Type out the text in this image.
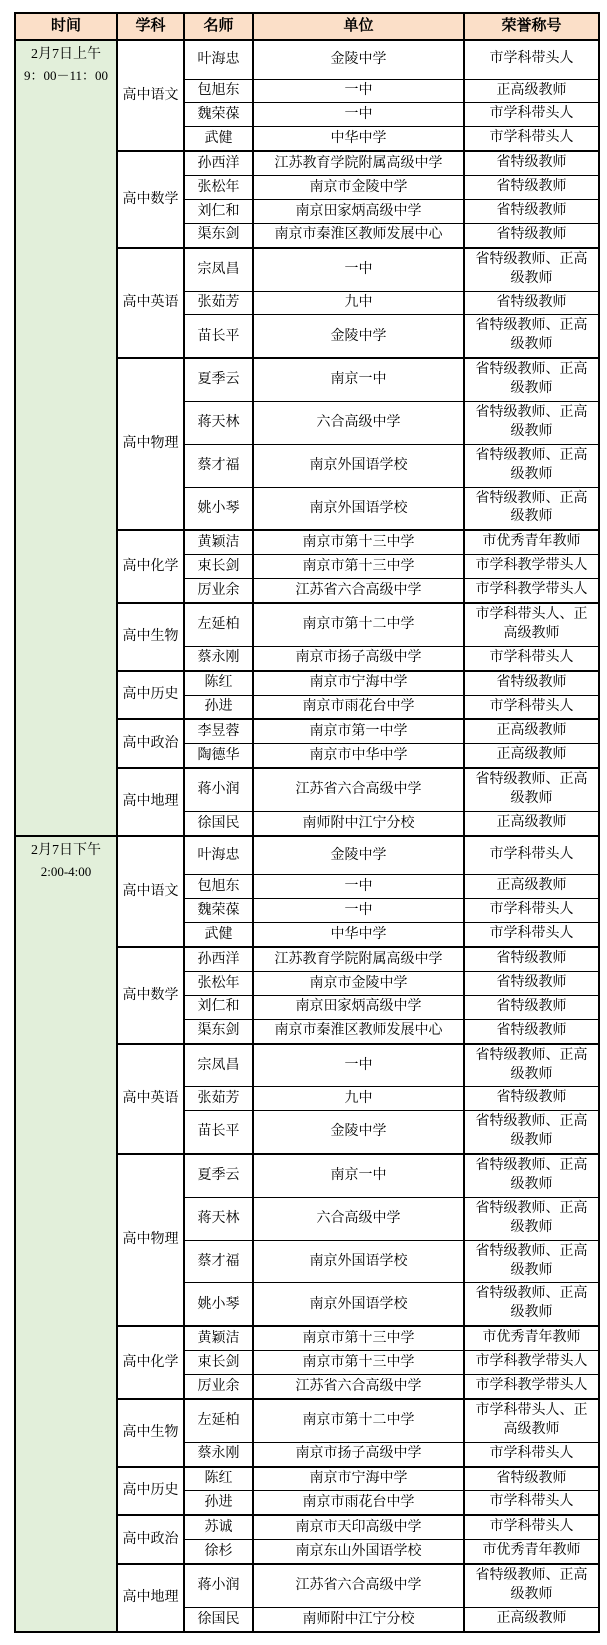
时间	学科	名师	单位	荣誉称号

2月7日上午
9：00－11：00	高中语文	叶海忠	金陵中学	市学科带头人
		包旭东	一中	正高级教师
		魏荣葆	一中	市学科带头人
		武健	中华中学	市学科带头人
	高中数学	孙西洋	江苏教育学院附属高级中学	省特级教师
		张松年	南京市金陵中学	省特级教师
		刘仁和	南京田家炳高级中学	省特级教师
		渠东剑	南京市秦淮区教师发展中心	省特级教师
	高中英语	宗凤昌	一中	省特级教师、正高级教师
		张茹芳	九中	省特级教师
		苗长平	金陵中学	省特级教师、正高级教师
	高中物理	夏季云	南京一中	省特级教师、正高级教师
		蒋天林	六合高级中学	省特级教师、正高级教师
		蔡才福	南京外国语学校	省特级教师、正高级教师
		姚小琴	南京外国语学校	省特级教师、正高级教师
	高中化学	黄颖洁	南京市第十三中学	市优秀青年教师
		束长剑	南京市第十三中学	市学科教学带头人
		厉业余	江苏省六合高级中学	市学科教学带头人
	高中生物	左延柏	南京市第十二中学	市学科带头人、正高级教师
		蔡永刚	南京市扬子高级中学	市学科带头人
	高中历史	陈红	南京市宁海中学	省特级教师
		孙进	南京市雨花台中学	市学科带头人
	高中政治	李昱蓉	南京市第一中学	正高级教师
		陶德华	南京市中华中学	正高级教师
	高中地理	蒋小润	江苏省六合高级中学	省特级教师、正高级教师
		徐国民	南师附中江宁分校	正高级教师

2月7日下午
2:00-4:00	高中语文	叶海忠	金陵中学	市学科带头人
		包旭东	一中	正高级教师
		魏荣葆	一中	市学科带头人
		武健	中华中学	市学科带头人
	高中数学	孙西洋	江苏教育学院附属高级中学	省特级教师
		张松年	南京市金陵中学	省特级教师
		刘仁和	南京田家炳高级中学	省特级教师
		渠东剑	南京市秦淮区教师发展中心	省特级教师
	高中英语	宗凤昌	一中	省特级教师、正高级教师
		张茹芳	九中	省特级教师
		苗长平	金陵中学	省特级教师、正高级教师
	高中物理	夏季云	南京一中	省特级教师、正高级教师
		蒋天林	六合高级中学	省特级教师、正高级教师
		蔡才福	南京外国语学校	省特级教师、正高级教师
		姚小琴	南京外国语学校	省特级教师、正高级教师
	高中化学	黄颖洁	南京市第十三中学	市优秀青年教师
		束长剑	南京市第十三中学	市学科教学带头人
		厉业余	江苏省六合高级中学	市学科教学带头人
	高中生物	左延柏	南京市第十二中学	市学科带头人、正高级教师
		蔡永刚	南京市扬子高级中学	市学科带头人
	高中历史	陈红	南京市宁海中学	省特级教师
		孙进	南京市雨花台中学	市学科带头人
	高中政治	苏诚	南京市天印高级中学	市学科带头人
		徐杉	南京东山外国语学校	市优秀青年教师
	高中地理	蒋小润	江苏省六合高级中学	省特级教师、正高级教师
		徐国民	南师附中江宁分校	正高级教师
